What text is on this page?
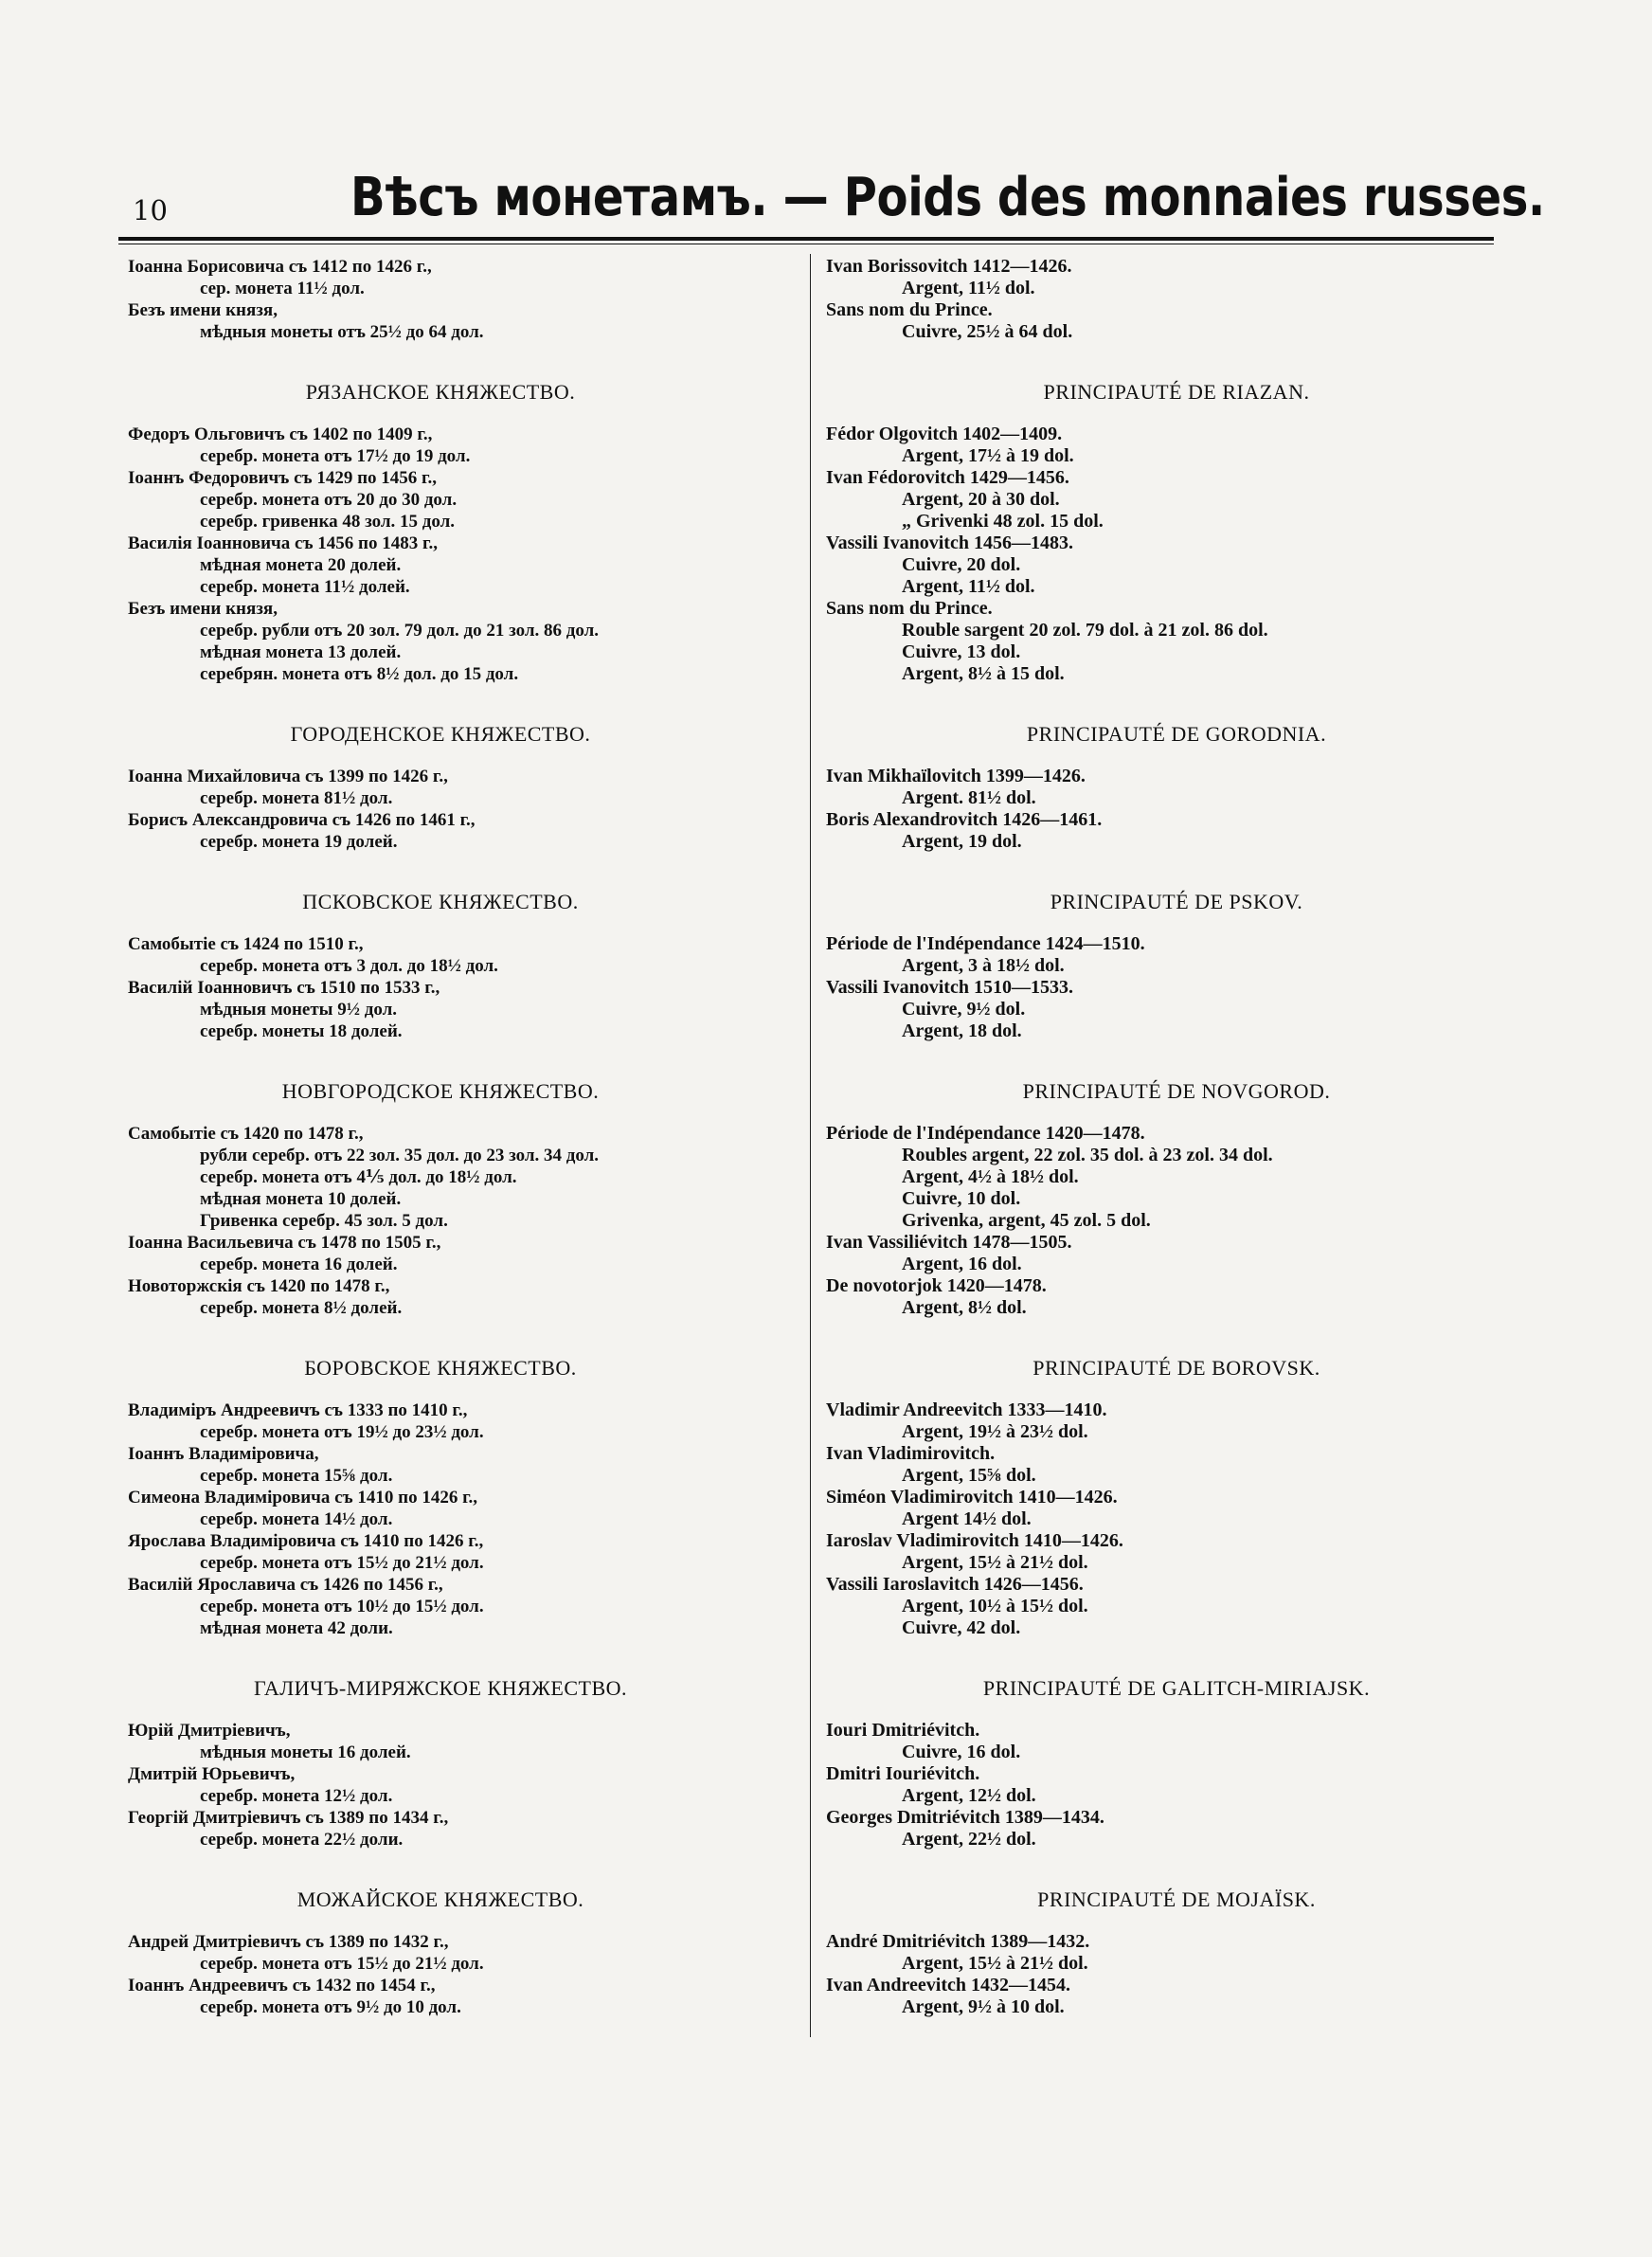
10	Вѣсъ монетамъ. — Poids des monnaies russes.
Іоанна Борисовича съ 1412 по 1426 г.,
сер. монета 11½ дол.
Безъ имени князя,
мѣдныя монеты отъ 25½ до 64 дол.
РЯЗАНСКОЕ КНЯЖЕСТВО.
Федоръ Ольговичъ съ 1402 по 1409 г.,
серебр. монета отъ 17½ до 19 дол.
Іоаннъ Федоровичъ съ 1429 по 1456 г.,
серебр. монета отъ 20 до 30 дол.
серебр. гривенка 48 зол. 15 дол.
Василія Іоанновича съ 1456 по 1483 г.,
мѣдная монета 20 долей.
серебр. монета 11½ долей.
Безъ имени князя,
серебр. рубли отъ 20 зол. 79 дол. до 21 зол. 86 дол.
мѣдная монета 13 долей.
серебрян. монета отъ 8½ дол. до 15 дол.
ГОРОДЕНСКОЕ КНЯЖЕСТВО.
Іоанна Михайловича съ 1399 по 1426 г.,
серебр. монета 81½ дол.
Борисъ Александровича съ 1426 по 1461 г.,
серебр. монета 19 долей.
ПСКОВСКОЕ КНЯЖЕСТВО.
Самобытіе съ 1424 по 1510 г.,
серебр. монета отъ 3 дол. до 18½ дол.
Василій Іоанновичъ съ 1510 по 1533 г.,
мѣдныя монеты 9½ дол.
серебр. монеты 18 долей.
НОВГОРОДСКОЕ КНЯЖЕСТВО.
Самобытіе съ 1420 по 1478 г.,
рубли серебр. отъ 22 зол. 35 дол. до 23 зол. 34 дол.
серебр. монета отъ 4⅕ дол. до 18½ дол.
мѣдная монета 10 долей.
Гривенка серебр. 45 зол. 5 дол.
Іоанна Васильевича съ 1478 по 1505 г.,
серебр. монета 16 долей.
Новоторжскія съ 1420 по 1478 г.,
серебр. монета 8½ долей.
БОРОВСКОЕ КНЯЖЕСТВО.
Владиміръ Андреевичъ съ 1333 по 1410 г.,
серебр. монета отъ 19½ до 23½ дол.
Іоаннъ Владиміровича,
серебр. монета 15⅝ дол.
Симеона Владиміровича съ 1410 по 1426 г.,
серебр. монета 14½ дол.
Ярослава Владиміровича съ 1410 по 1426 г.,
серебр. монета отъ 15½ до 21½ дол.
Василій Ярославича съ 1426 по 1456 г.,
серебр. монета отъ 10½ до 15½ дол.
мѣдная монета 42 доли.
ГАЛИЧЪ-МИРЯЖСКОЕ КНЯЖЕСТВО.
Юрій Дмитріевичъ,
мѣдныя монеты 16 долей.
Дмитрій Юрьевичъ,
серебр. монета 12½ дол.
Георгій Дмитріевичъ съ 1389 по 1434 г.,
серебр. монета 22½ доли.
МОЖАЙСКОЕ КНЯЖЕСТВО.
Андрей Дмитріевичъ съ 1389 по 1432 г.,
серебр. монета отъ 15½ до 21½ дол.
Іоаннъ Андреевичъ съ 1432 по 1454 г.,
серебр. монета отъ 9½ до 10 дол.
Ivan Borissovitch 1412—1426.
Argent, 11½ dol.
Sans nom du Prince.
Cuivre, 25½ à 64 dol.
PRINCIPAUTÉ DE RIAZAN.
Fédor Olgovitch 1402—1409.
Argent, 17½ à 19 dol.
Ivan Fédorovitch 1429—1456.
Argent, 20 à 30 dol.
„ Grivenki 48 zol. 15 dol.
Vassili Ivanovitch 1456—1483.
Cuivre, 20 dol.
Argent, 11½ dol.
Sans nom du Prince.
Rouble sargent 20 zol. 79 dol. à 21 zol. 86 dol.
Cuivre, 13 dol.
Argent, 8½ à 15 dol.
PRINCIPAUTÉ DE GORODNIA.
Ivan Mikhaïlovitch 1399—1426.
Argent. 81½ dol.
Boris Alexandrovitch 1426—1461.
Argent, 19 dol.
PRINCIPAUTÉ DE PSKOV.
Période de l'Indépendance 1424—1510.
Argent, 3 à 18½ dol.
Vassili Ivanovitch 1510—1533.
Cuivre, 9½ dol.
Argent, 18 dol.
PRINCIPAUTÉ DE NOVGOROD.
Période de l'Indépendance 1420—1478.
Roubles argent, 22 zol. 35 dol. à 23 zol. 34 dol.
Argent, 4½ à 18½ dol.
Cuivre, 10 dol.
Grivenka, argent, 45 zol. 5 dol.
Ivan Vassiliévitch 1478—1505.
Argent, 16 dol.
De novotorjok 1420—1478.
Argent, 8½ dol.
PRINCIPAUTÉ DE BOROVSK.
Vladimir Andreevitch 1333—1410.
Argent, 19½ à 23½ dol.
Ivan Vladimirovitch.
Argent, 15⅝ dol.
Siméon Vladimirovitch 1410—1426.
Argent 14½ dol.
Iaroslav Vladimirovitch 1410—1426.
Argent, 15½ à 21½ dol.
Vassili Iaroslavitch 1426—1456.
Argent, 10½ à 15½ dol.
Cuivre, 42 dol.
PRINCIPAUTÉ DE GALITCH-MIRIAJSK.
Iouri Dmitriévitch.
Cuivre, 16 dol.
Dmitri Iouriévitch.
Argent, 12½ dol.
Georges Dmitriévitch 1389—1434.
Argent, 22½ dol.
PRINCIPAUTÉ DE MOJAÏSK.
André Dmitriévitch 1389—1432.
Argent, 15½ à 21½ dol.
Ivan Andreevitch 1432—1454.
Argent, 9½ à 10 dol.
